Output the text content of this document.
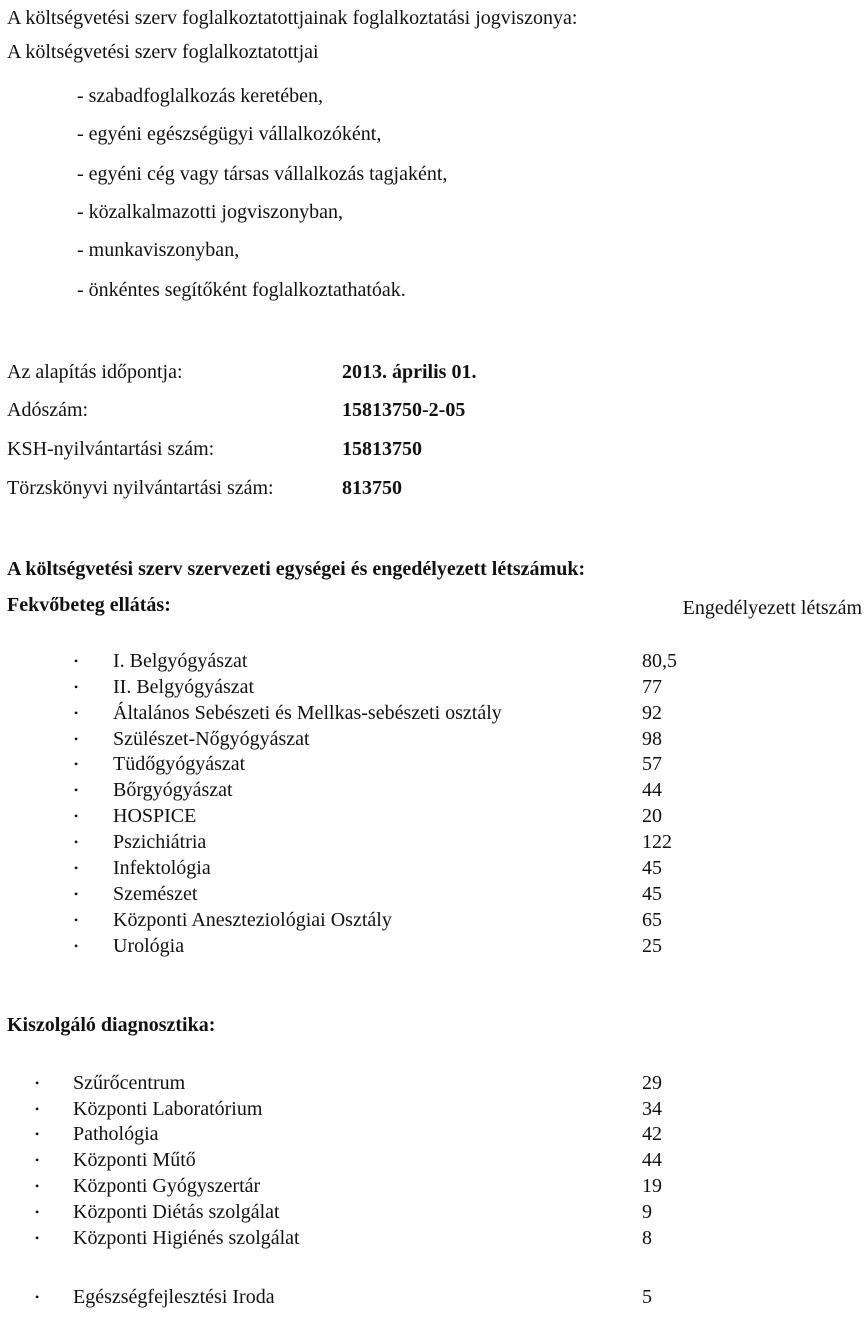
A költségvetési szerv foglalkoztatottjainak foglalkoztatási jogviszonya:
A költségvetési szerv foglalkoztatottjai
- szabadfoglalkozás keretében,
- egyéni egészségügyi vállalkozóként,
- egyéni cég vagy társas vállalkozás tagjaként,
- közalkalmazotti jogviszonyban,
- munkaviszonyban,
- önkéntes segítőként foglalkoztathatóak.
Az alapítás időpontja:	2013. április 01.
Adószám:	15813750-2-05
KSH-nyilvántartási szám:	15813750
Törzskönyvi nyilvántartási szám:	813750
A költségvetési szerv szervezeti egységei és engedélyezett létszámuk:
Fekvőbeteg ellátás:	Engedélyezett létszám
• I. Belgyógyászat	80,5
• II. Belgyógyászat	77
• Általános Sebészeti és Mellkas-sebészeti osztály	92
• Szülészet-Nőgyógyászat	98
• Tüdőgyógyászat	57
• Bőrgyógyászat	44
• HOSPICE	20
• Pszichiátria	122
• Infektológia	45
• Szemészet	45
• Központi Aneszteziológiai Osztály	65
• Urológia	25
Kiszolgáló diagnosztika:
• Szűrőcentrum	29
• Központi Laboratórium	34
• Pathológia	42
• Központi Műtő	44
• Központi Gyógyszertár	19
• Központi Diétás szolgálat	9
• Központi Higiénés szolgálat	8
• Egészségfejlesztési Iroda	5
